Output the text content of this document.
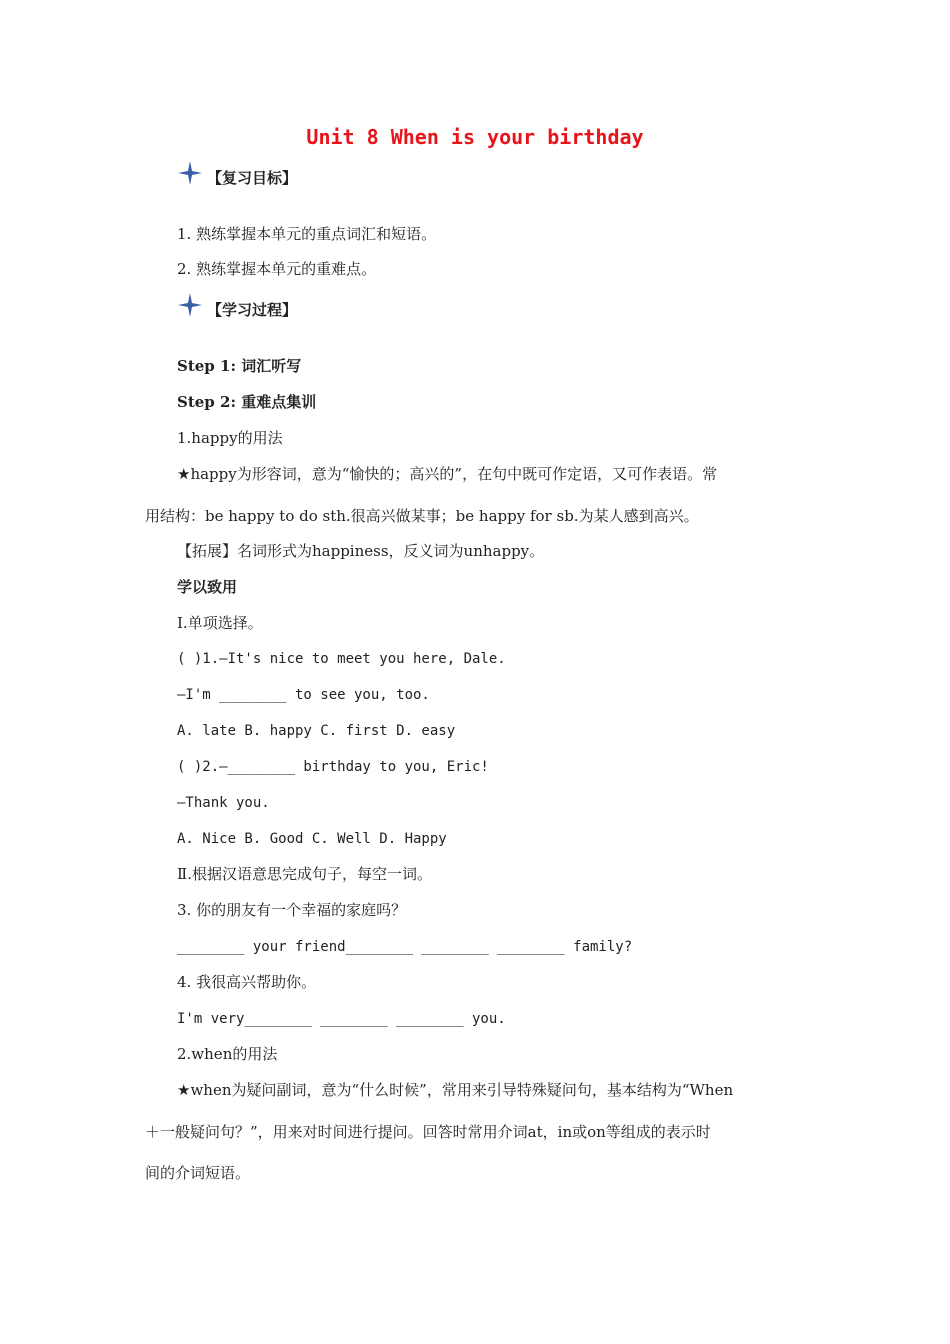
Unit 8 When is your birthday
【复习目标】
1. 熟练掌握本单元的重点词汇和短语。
2. 熟练掌握本单元的重难点。
【学习过程】
Step 1: 词汇听写
Step 2: 重难点集训
1.happy的用法
★happy为形容词，意为“愉快的；高兴的”，在句中既可作定语，又可作表语。常
用结构：be happy to do sth.很高兴做某事；be happy for sb.为某人感到高兴。
【拓展】名词形式为happiness，反义词为unhappy。
学以致用
Ⅰ.单项选择。
( )1.—It's nice to meet you here, Dale.
—I'm ________ to see you, too.
A. late B. happy C. first D. easy
( )2.—________ birthday to you, Eric!
—Thank you.
A. Nice B. Good C. Well D. Happy
Ⅱ.根据汉语意思完成句子，每空一词。
3. 你的朋友有一个幸福的家庭吗？
________ your friend________ ________ ________ family?
4. 我很高兴帮助你。
I'm very________ ________ ________ you.
2.when的用法
★when为疑问副词，意为“什么时候”，常用来引导特殊疑问句，基本结构为“When
＋一般疑问句？”，用来对时间进行提问。回答时常用介词at，in或on等组成的表示时
间的介词短语。
